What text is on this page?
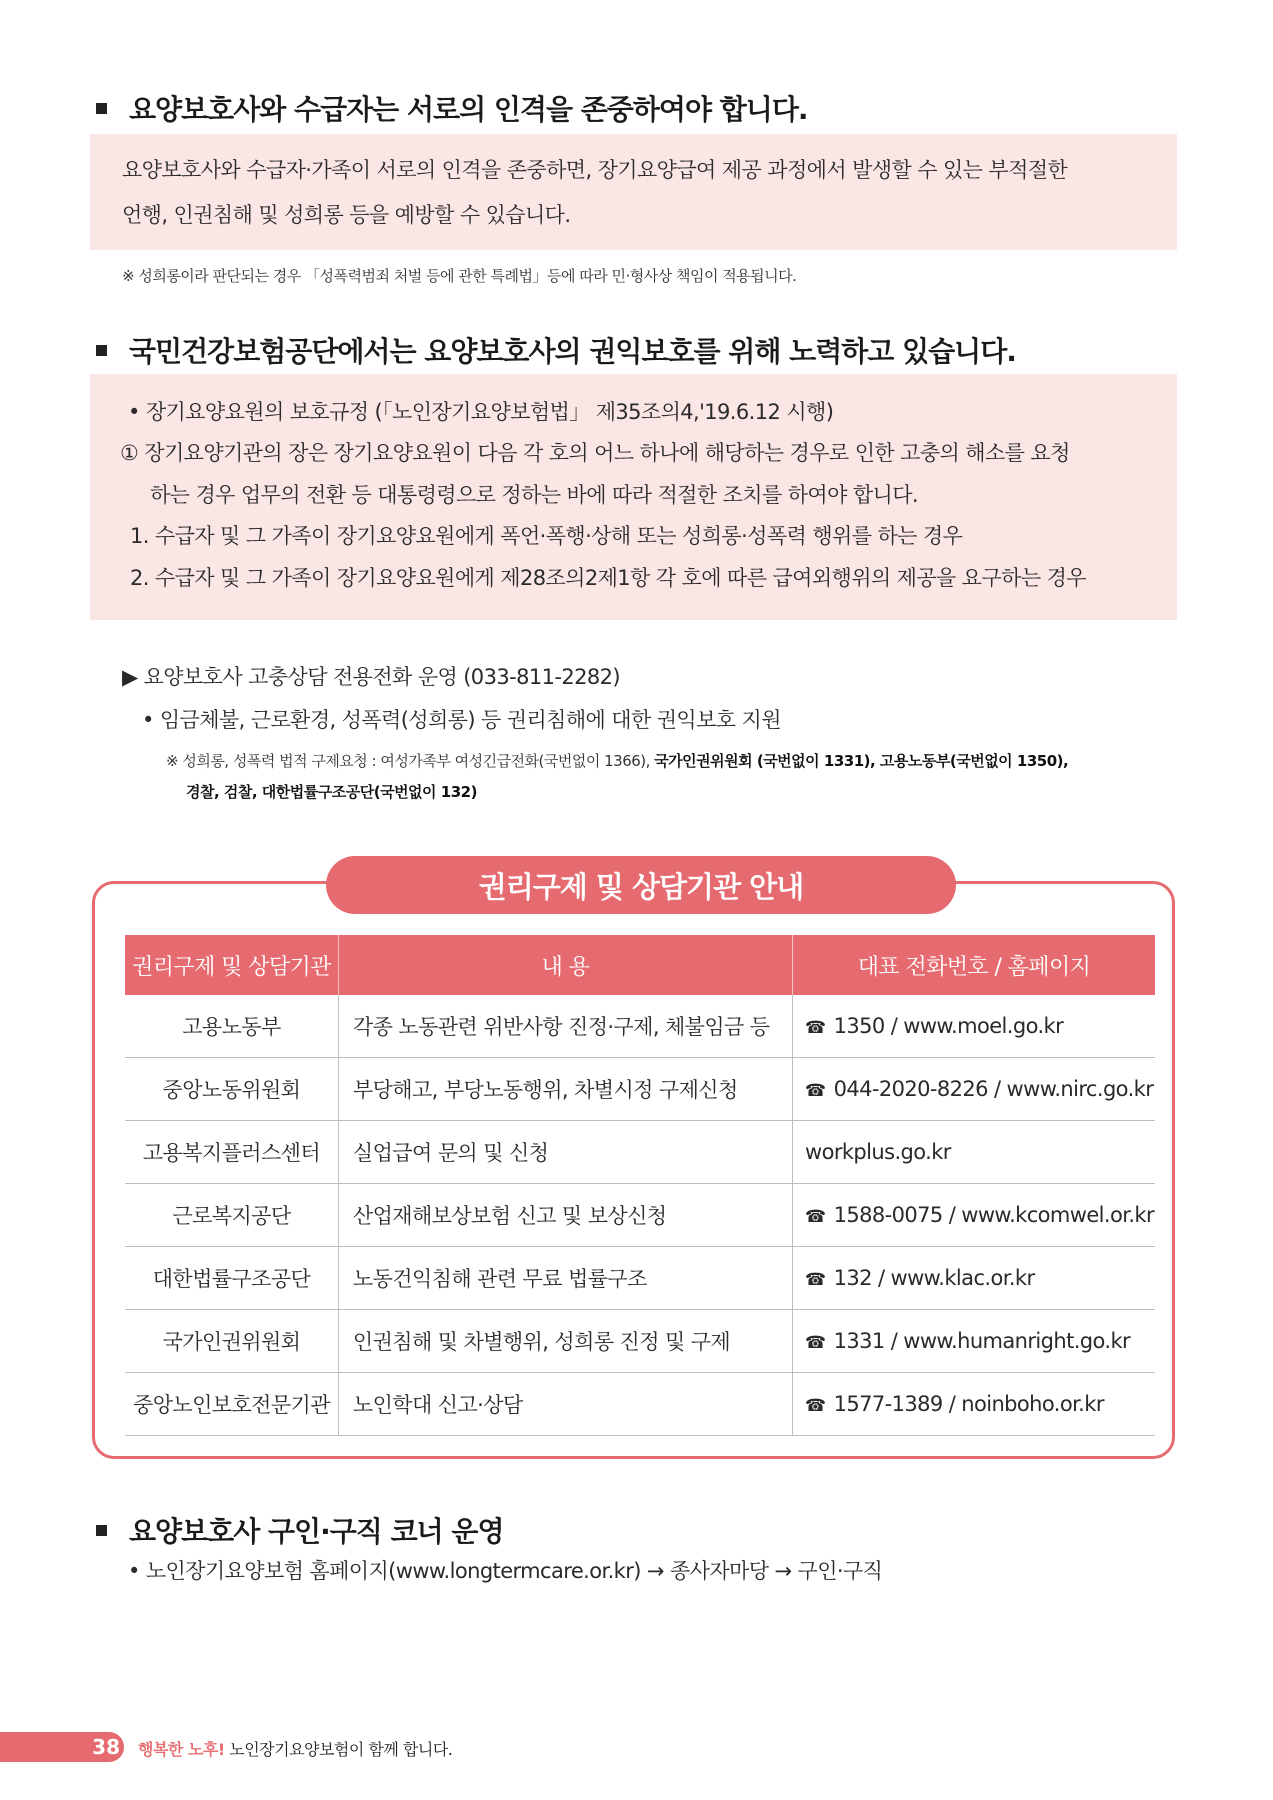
요양보호사와 수급자는 서로의 인격을 존중하여야 합니다.
요양보호사와 수급자·가족이 서로의 인격을 존중하면, 장기요양급여 제공 과정에서 발생할 수 있는 부적절한
언행, 인권침해 및 성희롱 등을 예방할 수 있습니다.
※ 성희롱이라 판단되는 경우 「성폭력범죄 처벌 등에 관한 특례법」등에 따라 민·형사상 책임이 적용됩니다.
국민건강보험공단에서는 요양보호사의 권익보호를 위해 노력하고 있습니다.
• 장기요양요원의 보호규정 (「노인장기요양보험법」 제35조의4,'19.6.12 시행)
① 장기요양기관의 장은 장기요양요원이 다음 각 호의 어느 하나에 해당하는 경우로 인한 고충의 해소를 요청
하는 경우 업무의 전환 등 대통령령으로 정하는 바에 따라 적절한 조치를 하여야 합니다.
1. 수급자 및 그 가족이 장기요양요원에게 폭언·폭행·상해 또는 성희롱·성폭력 행위를 하는 경우
2. 수급자 및 그 가족이 장기요양요원에게 제28조의2제1항 각 호에 따른 급여외행위의 제공을 요구하는 경우
▶ 요양보호사 고충상담 전용전화 운영 (033-811-2282)
• 임금체불, 근로환경, 성폭력(성희롱) 등 권리침해에 대한 권익보호 지원
※ 성희롱, 성폭력 법적 구제요청 : 여성가족부 여성긴급전화(국번없이 1366), 국가인권위원회 (국번없이 1331), 고용노동부(국번없이 1350),
경찰, 검찰, 대한법률구조공단(국번없이 132)
권리구제 및 상담기관 안내
권리구제 및 상담기관	내 용	대표 전화번호 / 홈페이지
고용노동부	각종 노동관련 위반사항 진정·구제, 체불임금 등	☎ 1350 / www.moel.go.kr
중앙노동위원회	부당해고, 부당노동행위, 차별시정 구제신청	☎ 044-2020-8226 / www.nirc.go.kr
고용복지플러스센터	실업급여 문의 및 신청	workplus.go.kr
근로복지공단	산업재해보상보험 신고 및 보상신청	☎ 1588-0075 / www.kcomwel.or.kr
대한법률구조공단	노동건익침해 관련 무료 법률구조	☎ 132 / www.klac.or.kr
국가인권위원회	인권침해 및 차별행위, 성희롱 진정 및 구제	☎ 1331 / www.humanright.go.kr
중앙노인보호전문기관	노인학대 신고·상담	☎ 1577-1389 / noinboho.or.kr
요양보호사 구인·구직 코너 운영
• 노인장기요양보험 홈페이지(www.longtermcare.or.kr) → 종사자마당 → 구인·구직
38 행복한 노후! 노인장기요양보험이 함께 합니다.
